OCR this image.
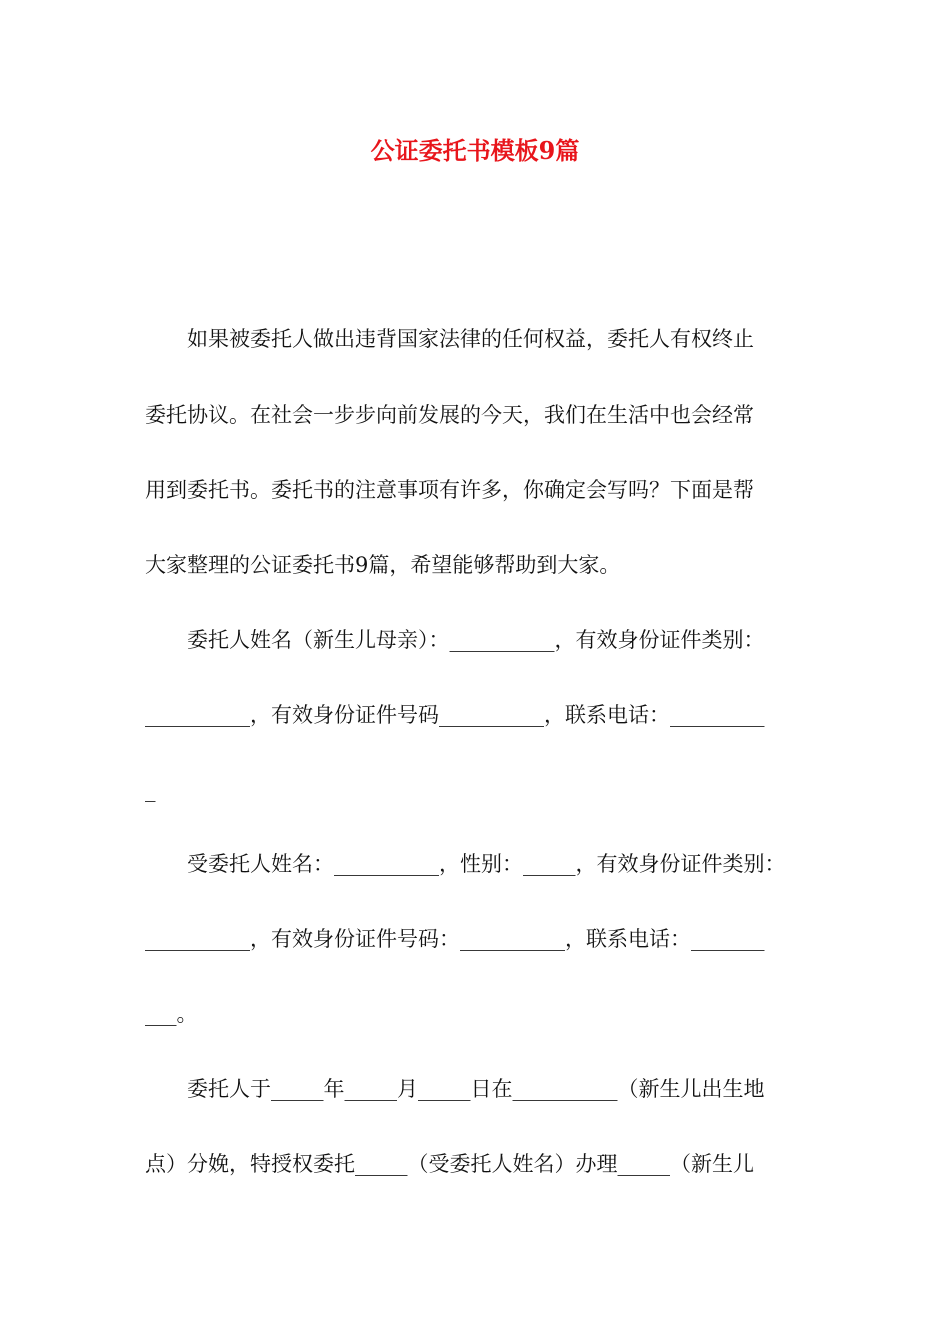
公证委托书模板9篇
　　如果被委托人做出违背国家法律的任何权益，委托人有权终止
委托协议。在社会一步步向前发展的今天，我们在生活中也会经常
用到委托书。委托书的注意事项有许多，你确定会写吗？下面是帮
大家整理的公证委托书9篇，希望能够帮助到大家。
　　委托人姓名（新生儿母亲）：__________，有效身份证件类别：
__________，有效身份证件号码__________，联系电话：_________
_
　　受委托人姓名：__________，性别：_____，有效身份证件类别：
__________，有效身份证件号码：__________，联系电话：_______
___。
　　委托人于_____年_____月_____日在__________（新生儿出生地
点）分娩，特授权委托_____（受委托人姓名）办理_____（新生儿
